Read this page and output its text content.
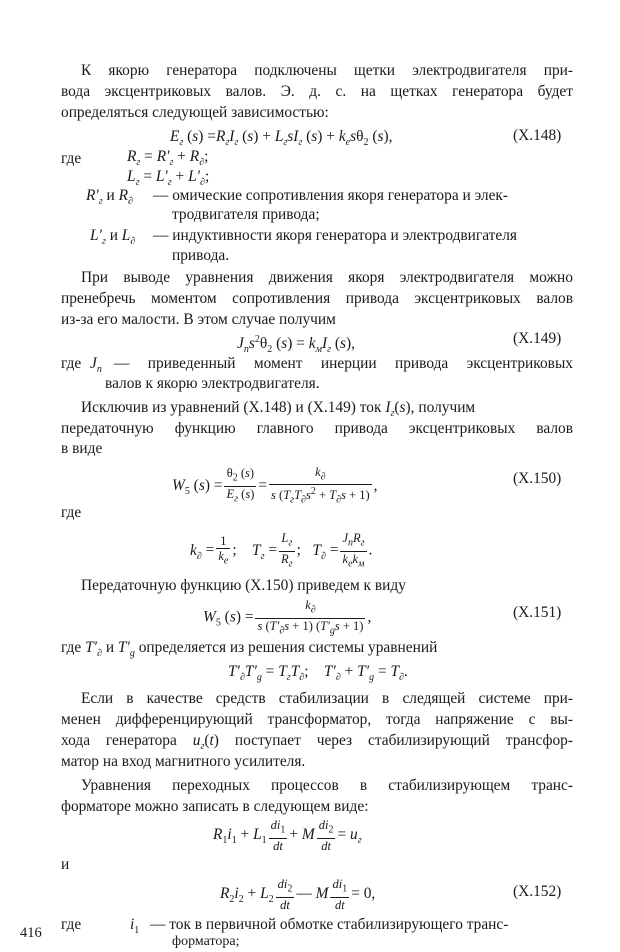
К якорю генератора подключены щетки электродвигателя при-
вода эксцентриковых валов. Э. д. с. на щетках генератора будет
определяться следующей зависимостью:
$E_г$ $(s) =R_гI_г$ $(s) + L_гsI_г$ $(s) + k_es\theta_2$ (s),	(X.148)
где	$R_г = R'_г + R_\partial$;
$L_г = L'_г + L'_\partial$;
$R'_г$ и $R_\partial$ — омические сопротивления якоря генератора и элек-
тродвигателя привода;
$L'_г$ и $L_\partial$ — индуктивности якоря генератора и электродвигателя
привода.
При выводе уравнения движения якоря электродвигателя можно
пренебречь моментом сопротивления привода эксцентриковых валов
из-за его малости. В этом случае получим
$J_пs^2\theta_2$ $(s) = k_мI_г$ (s),	(X.149)
где $J_п$ — приведенный момент инерции привода эксцентриковых
валов к якорю электродвигателя.
Исключив из уравнений (X.148) и (X.149) ток $I_г(s)$, получим
передаточную функцию главного привода эксцентриковых валов
в виде
$W_5$ $(s) = \frac{\theta_2 (s)}{E_г (s)} = \frac{k_\partial}{s (T_гT_\partial s^2 + T_\partial s + 1)}$ ,	(X.150)
где
$k_\partial = \frac{1}{k_e}$ ;    $T_г = \frac{L_г}{R_г}$ ;   $T_\partial = \frac{J_пR_г}{k_ek_м}$ .
Передаточную функцию (X.150) приведем к виду
$W_5$ $(s) = \frac{k_\partial}{s (T'_\partial s + 1) (T'_gs + 1)}$ ,	(X.151)
где $T'_\partial$ и $T'_g$ определяется из решения системы уравнений
$T'_\partial T'_g = T_гT_\partial$;    $T'_\partial + T'_g = T_\partial$.
Если в качестве средств стабилизации в следящей системе при-
менен дифференцирующий трансформатор, тогда напряжение с вы-
хода генератора $u_г(t)$ поступает через стабилизирующий трансфор-
матор на вход магнитного усилителя.
Уравнения переходных процессов в стабилизирующем транс-
форматоре можно записать в следующем виде:
$R_1i_1 + L_1 \frac{di_1}{dt} + M \frac{di_2}{dt} = u_г$
и
$R_2i_2 + L_2 \frac{di_2}{dt}$ — M $\frac{di_1}{dt} = 0$,	(X.152)
где	$i_1$ — ток в первичной обмотке стабилизирующего транс-
форматора;
416
